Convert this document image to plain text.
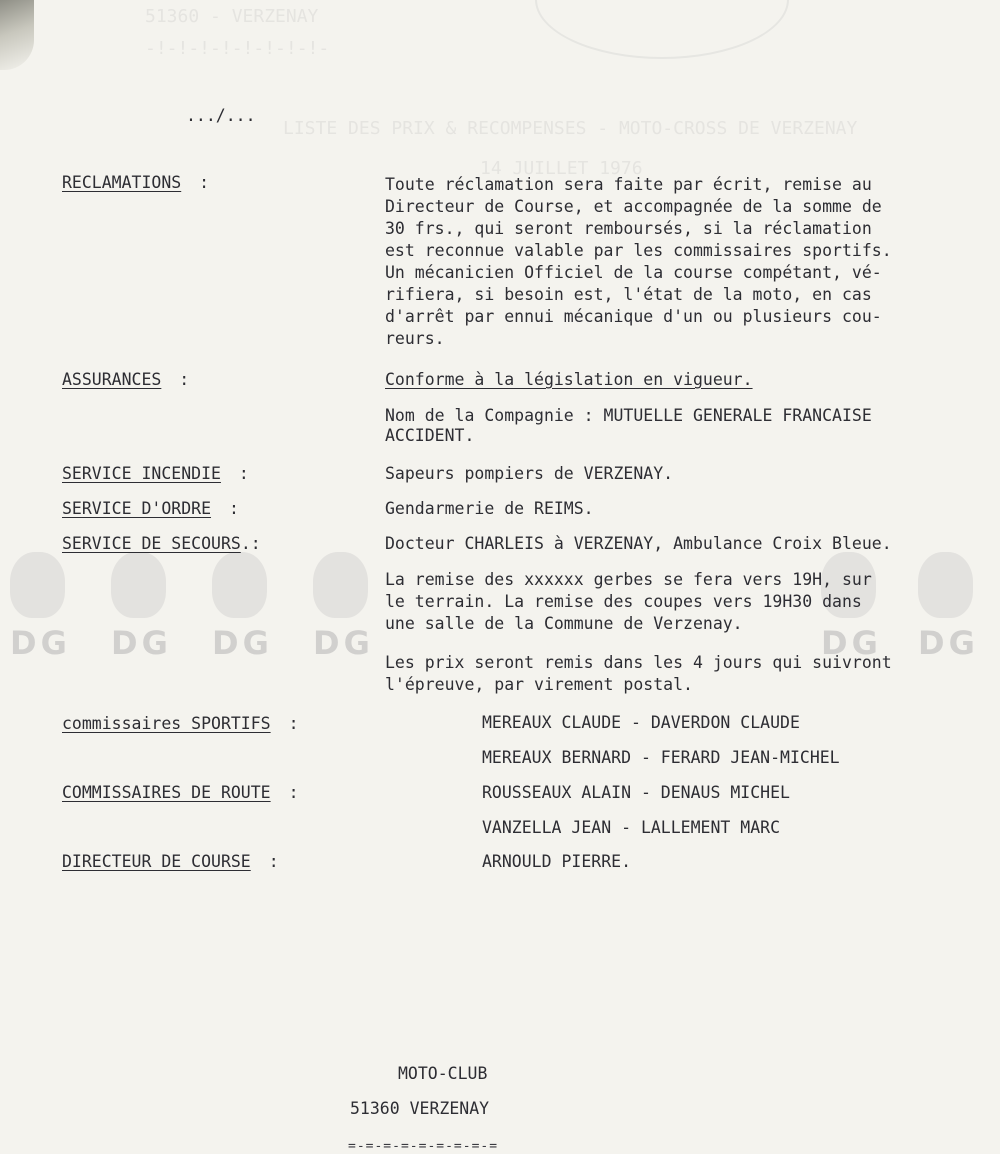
51360 - VERZENAY
-!-!-!-!-!-!-!-!-
LISTE DES PRIX & RECOMPENSES - MOTO-CROSS DE VERZENAY
14 JUILLET 1976
DG DG DG DG	DG DG
.../...
RECLAMATIONS :	Toute réclamation sera faite par écrit, remise au
Directeur de Course, et accompagnée de la somme de
30 frs., qui seront remboursés, si la réclamation
est reconnue valable par les commissaires sportifs.
Un mécanicien Officiel de la course compétant, vé-
rifiera, si besoin est, l'état de la moto, en cas
d'arrêt par ennui mécanique d'un ou plusieurs cou-
reurs.
ASSURANCES :	Conforme à la législation en vigueur.
Nom de la Compagnie : MUTUELLE GENERALE FRANCAISE
ACCIDENT.
SERVICE INCENDIE :	Sapeurs pompiers de VERZENAY.
SERVICE D'ORDRE :	Gendarmerie de REIMS.
SERVICE DE SECOURS.:	Docteur CHARLEIS à VERZENAY, Ambulance Croix Bleue.
La remise des xxxxxx gerbes se fera vers 19H, sur
le terrain. La remise des coupes vers 19H30 dans
une salle de la Commune de Verzenay.
Les prix seront remis dans les 4 jours qui suivront
l'épreuve, par virement postal.
commissaires SPORTIFS :	MEREAUX CLAUDE - DAVERDON CLAUDE
MEREAUX BERNARD - FERARD JEAN-MICHEL
COMMISSAIRES DE ROUTE :	ROUSSEAUX ALAIN - DENAUS MICHEL
VANZELLA JEAN - LALLEMENT MARC
DIRECTEUR DE COURSE :	ARNOULD PIERRE.
MOTO-CLUB
51360 VERZENAY
=-=-=-=-=-=-=-=-=
